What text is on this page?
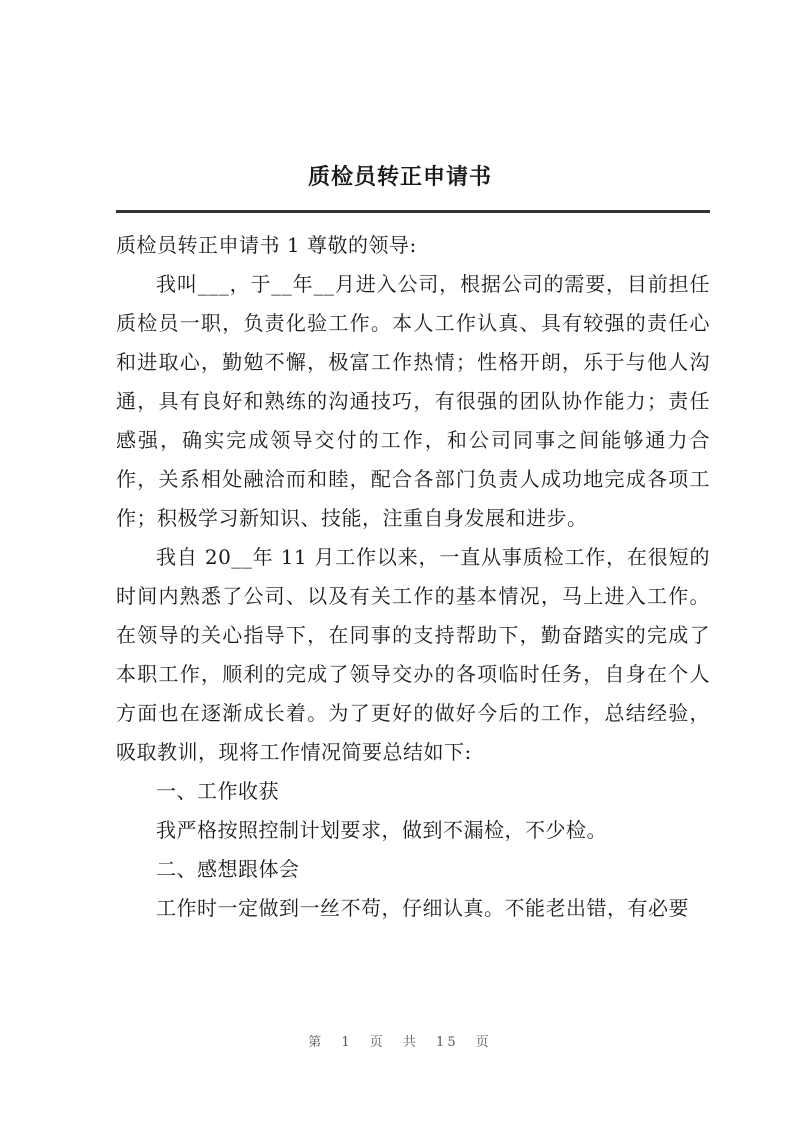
质检员转正申请书

质检员转正申请书 1 尊敬的领导:

我叫___，于__年__月进入公司，根据公司的需要，目前担任质检员一职，负责化验工作。本人工作认真、具有较强的责任心和进取心，勤勉不懈，极富工作热情；性格开朗，乐于与他人沟通，具有良好和熟练的沟通技巧，有很强的团队协作能力；责任感强，确实完成领导交付的工作，和公司同事之间能够通力合作，关系相处融洽而和睦，配合各部门负责人成功地完成各项工作；积极学习新知识、技能，注重自身发展和进步。

我自 20__年 11 月工作以来，一直从事质检工作，在很短的时间内熟悉了公司、以及有关工作的基本情况，马上进入工作。在领导的关心指导下，在同事的支持帮助下，勤奋踏实的完成了本职工作，顺利的完成了领导交办的各项临时任务，自身在个人方面也在逐渐成长着。为了更好的做好今后的工作，总结经验，吸取教训，现将工作情况简要总结如下:

一、工作收获

我严格按照控制计划要求，做到不漏检，不少检。

二、感想跟体会

工作时一定做到一丝不苟，仔细认真。不能老出错，有必要

第 1 页 共 15 页
